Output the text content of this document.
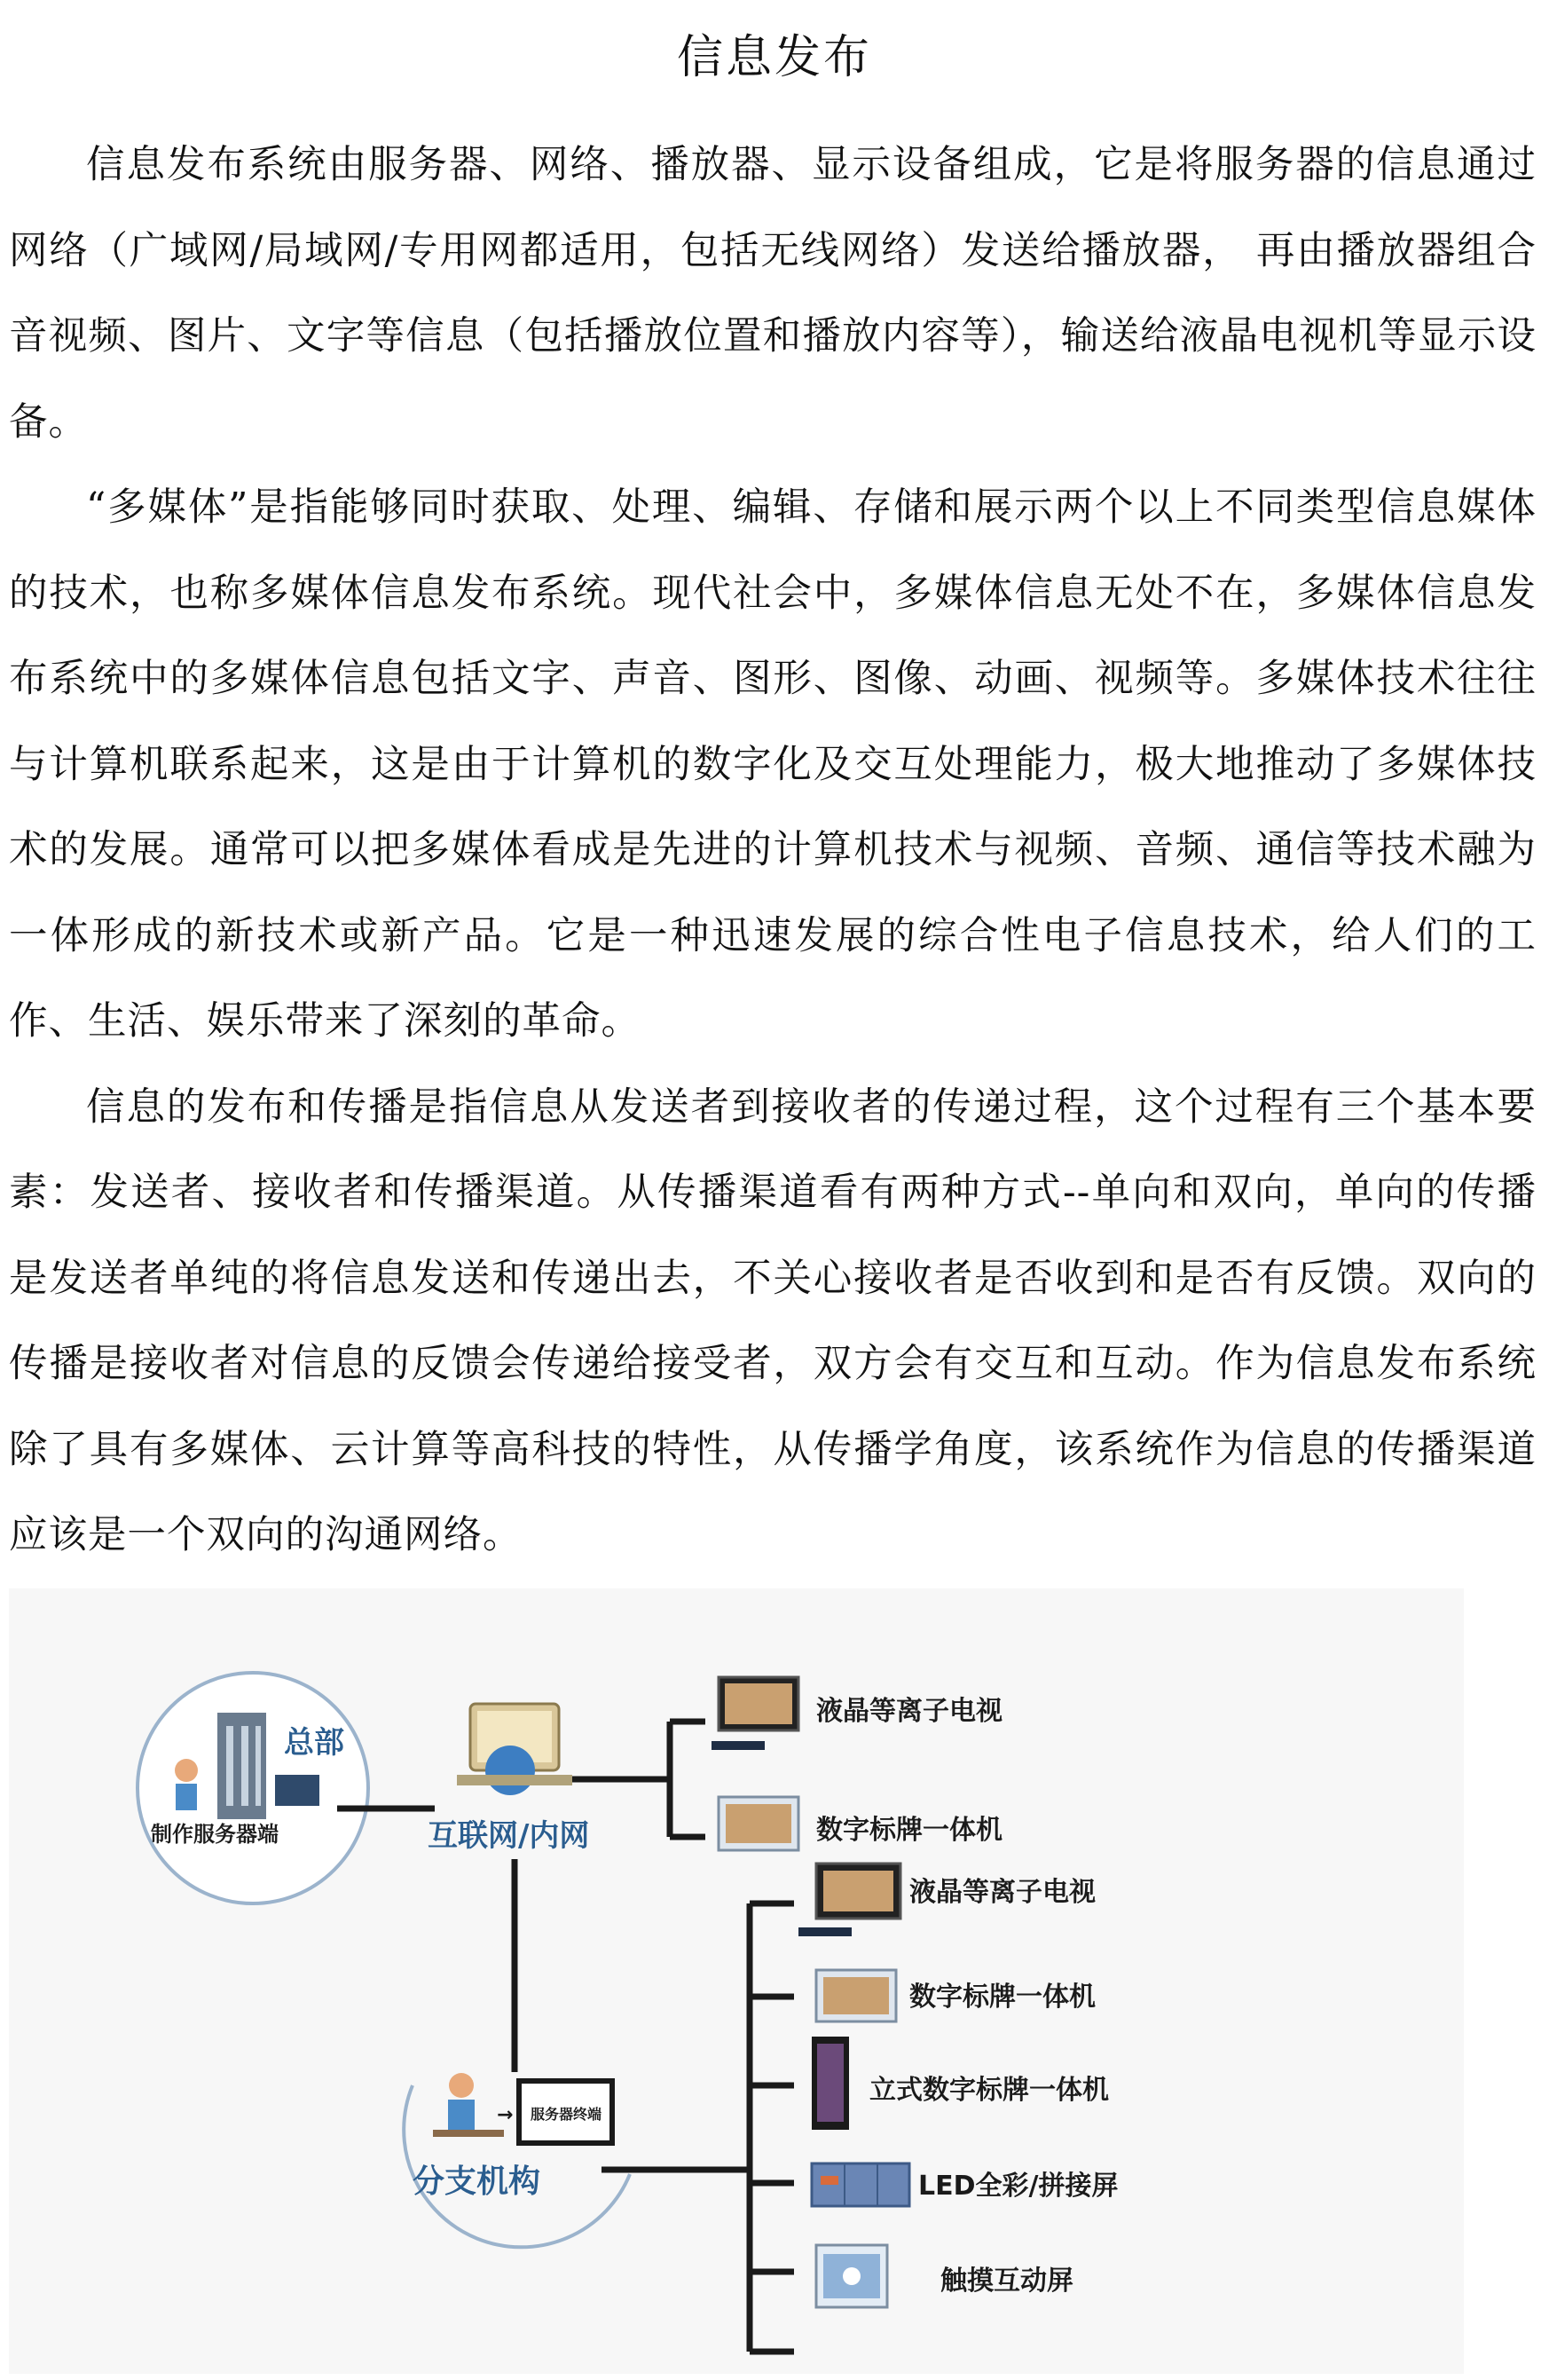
信息发布

信息发布系统由服务器、网络、播放器、显示设备组成，它是将服务器的信息通过网络（广域网/局域网/专用网都适用，包括无线网络）发送给播放器， 再由播放器组合音视频、图片、文字等信息（包括播放位置和播放内容等），输送给液晶电视机等显示设备。

“多媒体”是指能够同时获取、处理、编辑、存储和展示两个以上不同类型信息媒体的技术，也称多媒体信息发布系统。现代社会中，多媒体信息无处不在，多媒体信息发布系统中的多媒体信息包括文字、声音、图形、图像、动画、视频等。多媒体技术往往与计算机联系起来，这是由于计算机的数字化及交互处理能力，极大地推动了多媒体技术的发展。通常可以把多媒体看成是先进的计算机技术与视频、音频、通信等技术融为一体形成的新技术或新产品。它是一种迅速发展的综合性电子信息技术，给人们的工作、生活、娱乐带来了深刻的革命。

信息的发布和传播是指信息从发送者到接收者的传递过程，这个过程有三个基本要素：发送者、接收者和传播渠道。从传播渠道看有两种方式--单向和双向，单向的传播是发送者单纯的将信息发送和传递出去，不关心接收者是否收到和是否有反馈。双向的传播是接收者对信息的反馈会传递给接受者，双方会有交互和互动。作为信息发布系统除了具有多媒体、云计算等高科技的特性，从传播学角度，该系统作为信息的传播渠道应该是一个双向的沟通网络。

总部
制作服务器端	互联网/内网
液晶等离子电视
数字标牌一体机
→ 服务器终端
分支机构
液晶等离子电视
数字标牌一体机
立式数字标牌一体机
LED全彩/拼接屏
触摸互动屏
